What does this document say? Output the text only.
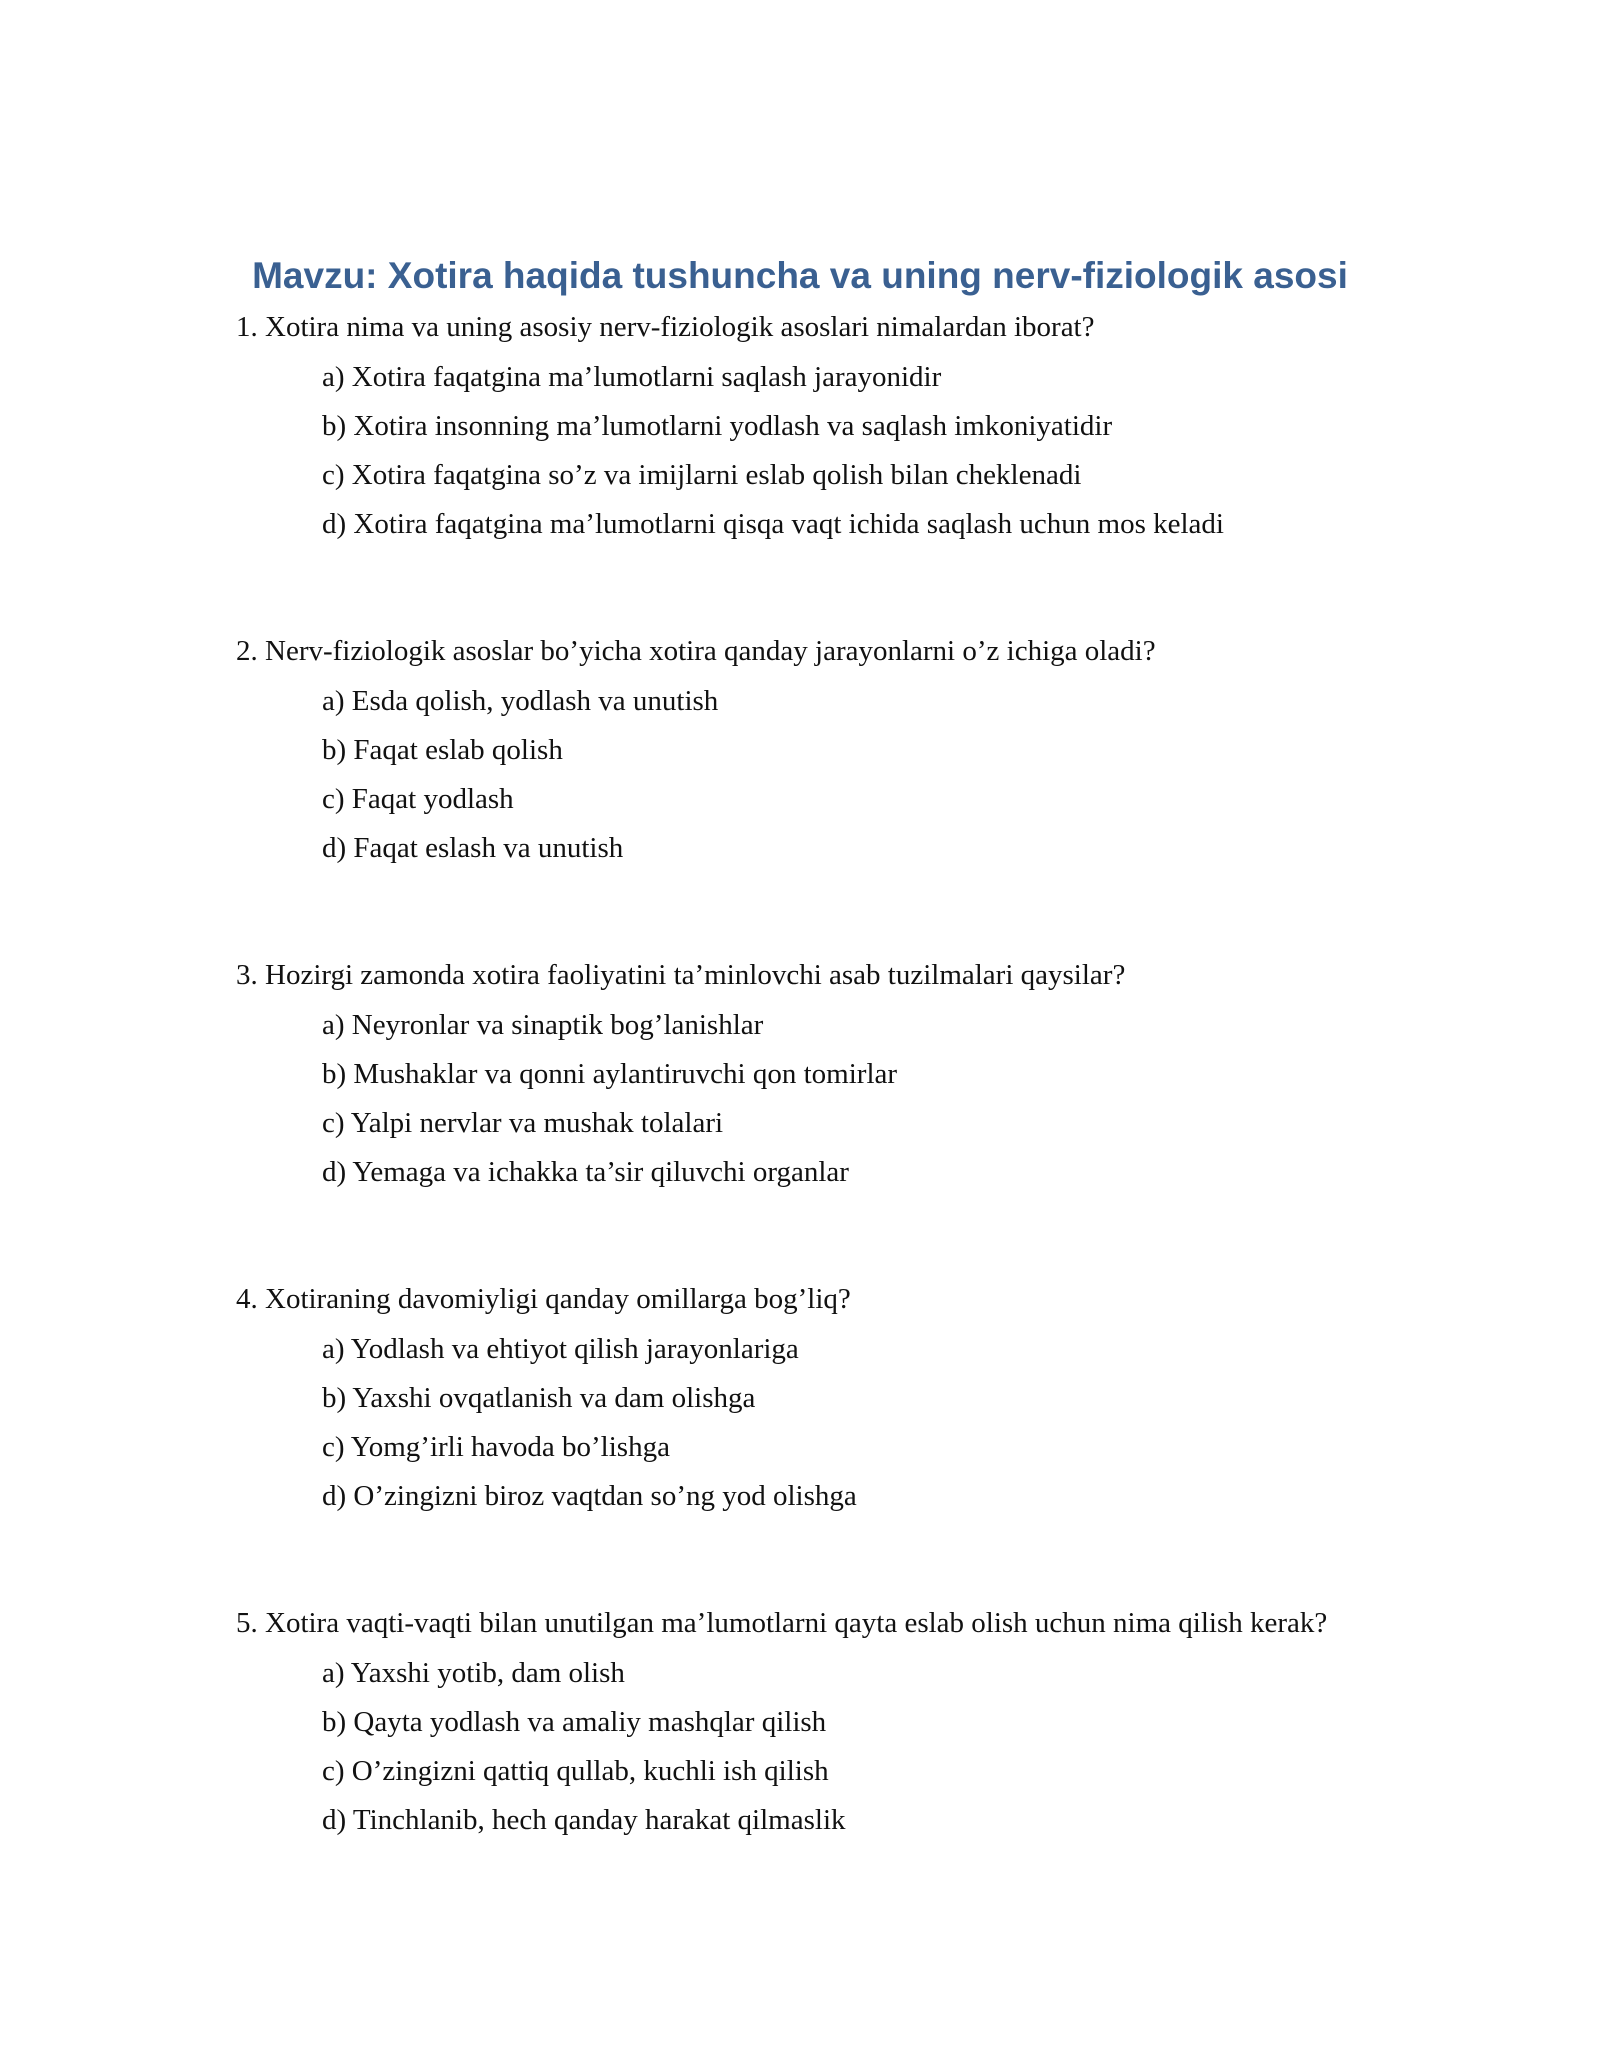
Mavzu: Xotira haqida tushuncha va uning nerv-fiziologik asosi

1. Xotira nima va uning asosiy nerv-fiziologik asoslari nimalardan iborat?

a) Xotira faqatgina ma’lumotlarni saqlash jarayonidir
b) Xotira insonning ma’lumotlarni yodlash va saqlash imkoniyatidir
c) Xotira faqatgina so’z va imijlarni eslab qolish bilan cheklenadi
d) Xotira faqatgina ma’lumotlarni qisqa vaqt ichida saqlash uchun mos keladi

2. Nerv-fiziologik asoslar bo’yicha xotira qanday jarayonlarni o’z ichiga oladi?

a) Esda qolish, yodlash va unutish
b) Faqat eslab qolish
c) Faqat yodlash
d) Faqat eslash va unutish

3. Hozirgi zamonda xotira faoliyatini ta’minlovchi asab tuzilmalari qaysilar?

a) Neyronlar va sinaptik bog’lanishlar
b) Mushaklar va qonni aylantiruvchi qon tomirlar
c) Yalpi nervlar va mushak tolalari
d) Yemaga va ichakka ta’sir qiluvchi organlar

4. Xotiraning davomiyligi qanday omillarga bog’liq?

a) Yodlash va ehtiyot qilish jarayonlariga
b) Yaxshi ovqatlanish va dam olishga
c) Yomg’irli havoda bo’lishga
d) O’zingizni biroz vaqtdan so’ng yod olishga

5. Xotira vaqti-vaqti bilan unutilgan ma’lumotlarni qayta eslab olish uchun nima qilish kerak?

a) Yaxshi yotib, dam olish
b) Qayta yodlash va amaliy mashqlar qilish
c) O’zingizni qattiq qullab, kuchli ish qilish
d) Tinchlanib, hech qanday harakat qilmaslik
